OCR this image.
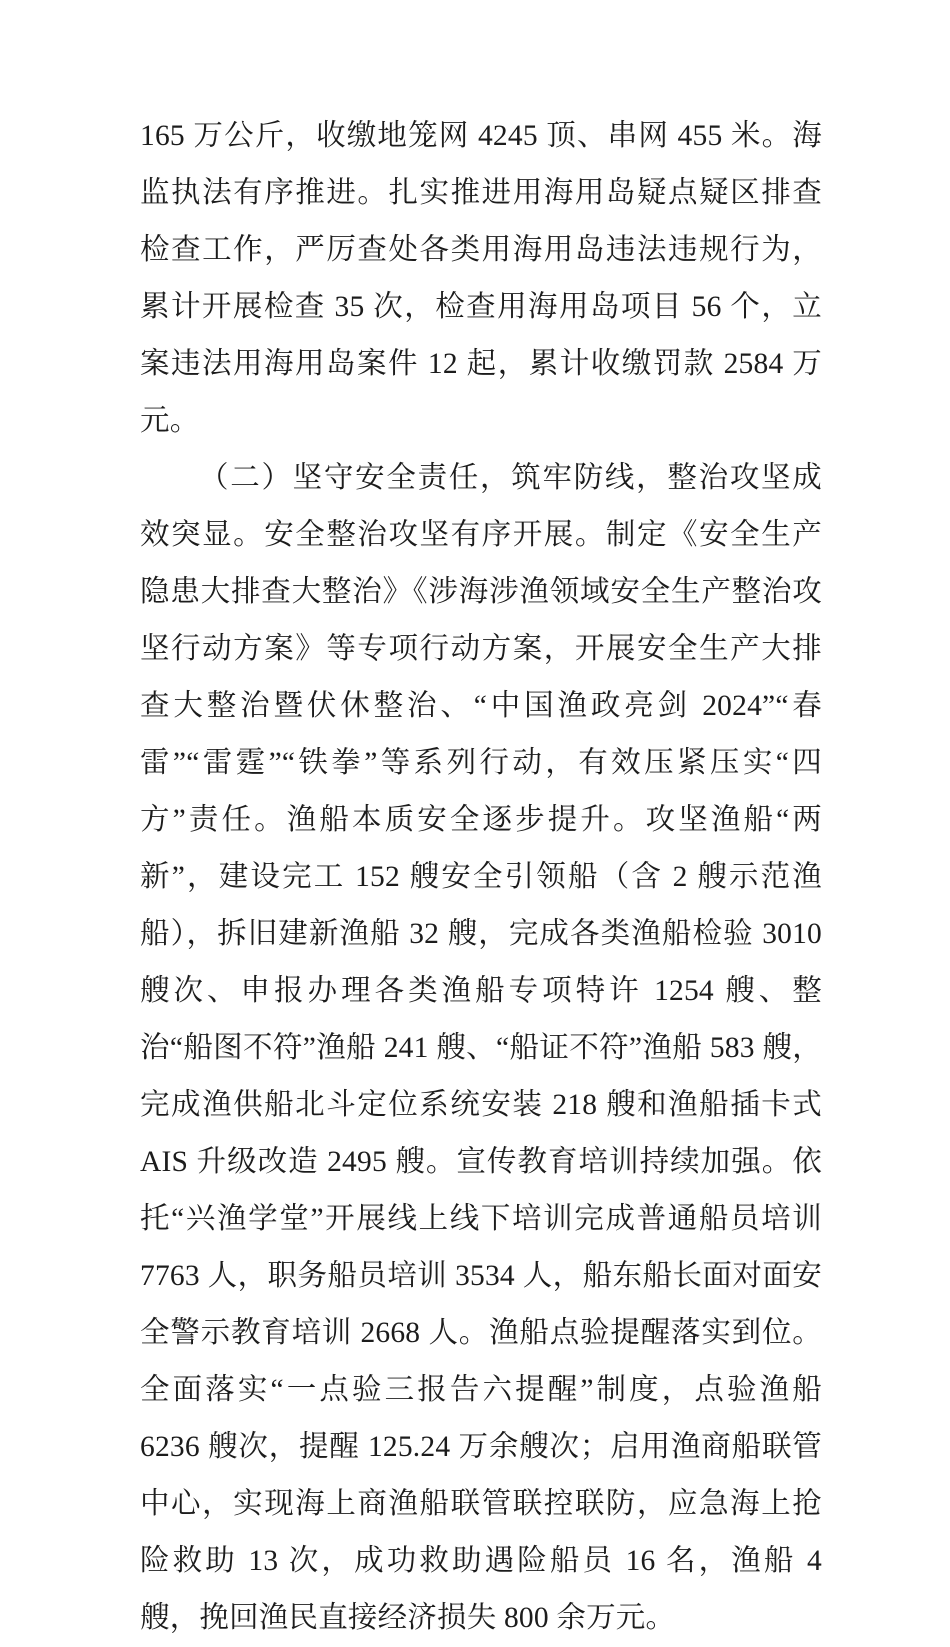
165 万公斤，收缴地笼网 4245 顶、串网 455 米。海监执法有序推进。扎实推进用海用岛疑点疑区排查检查工作，严厉查处各类用海用岛违法违规行为，累计开展检查 35 次，检查用海用岛项目 56 个，立案违法用海用岛案件 12 起，累计收缴罚款 2584 万元。

（二）坚守安全责任，筑牢防线，整治攻坚成效突显。安全整治攻坚有序开展。制定《安全生产隐患大排查大整治》《涉海涉渔领域安全生产整治攻坚行动方案》等专项行动方案，开展安全生产大排查大整治暨伏休整治、“中国渔政亮剑 2024”“春雷”“雷霆”“铁拳”等系列行动，有效压紧压实“四方”责任。渔船本质安全逐步提升。攻坚渔船“两新”，建设完工 152 艘安全引领船（含 2 艘示范渔船），拆旧建新渔船 32 艘，完成各类渔船检验 3010 艘次、申报办理各类渔船专项特许 1254 艘、整治“船图不符”渔船 241 艘、“船证不符”渔船 583 艘，完成渔供船北斗定位系统安装 218 艘和渔船插卡式 AIS 升级改造 2495 艘。宣传教育培训持续加强。依托“兴渔学堂”开展线上线下培训完成普通船员培训 7763 人，职务船员培训 3534 人，船东船长面对面安全警示教育培训 2668 人。渔船点验提醒落实到位。全面落实“一点验三报告六提醒”制度，点验渔船 6236 艘次，提醒 125.24 万余艘次；启用渔商船联管中心，实现海上商渔船联管联控联防，应急海上抢险救助 13 次，成功救助遇险船员 16 名，渔船 4 艘，挽回渔民直接经济损失 800 余万元。
